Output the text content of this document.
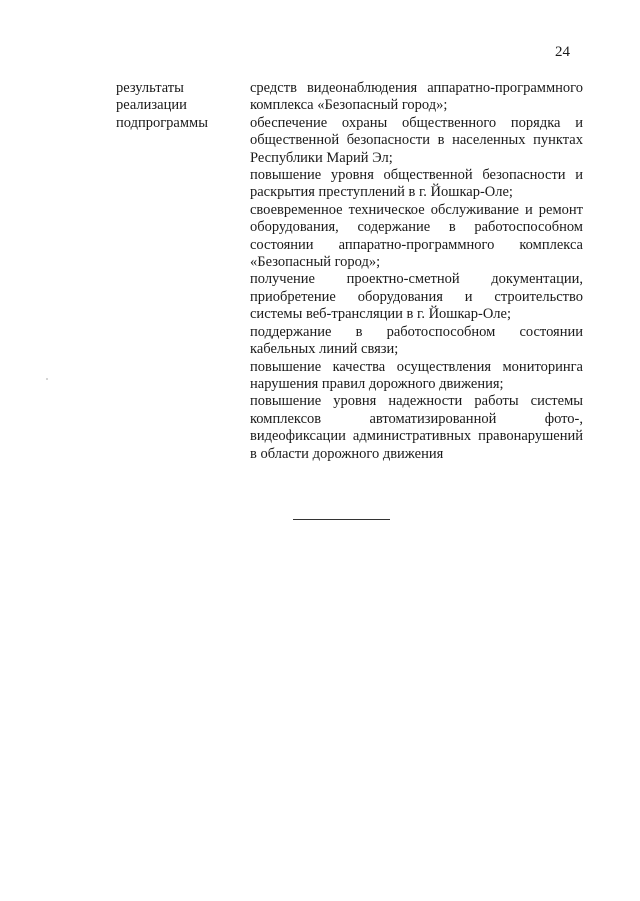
24
результаты
реализации
подпрограммы

средств видеонаблюдения аппаратно-программного комплекса «Безопасный город»;

обеспечение охраны общественного порядка и общественной безопасности в населенных пунктах Республики Марий Эл;

повышение уровня общественной безопасности и раскрытия преступлений в г. Йошкар-Оле;

своевременное техническое обслуживание и ремонт оборудования, содержание в работоспособном состоянии аппаратно-программного комплекса «Безопасный город»;

получение проектно-сметной документации, приобретение оборудования и строительство системы веб-трансляции в г. Йошкар-Оле;

поддержание в работоспособном состоянии кабельных линий связи;

повышение качества осуществления мониторинга нарушения правил дорожного движения;

повышение уровня надежности работы системы комплексов автоматизированной фото-, видеофиксации административных правонарушений в области дорожного движения
